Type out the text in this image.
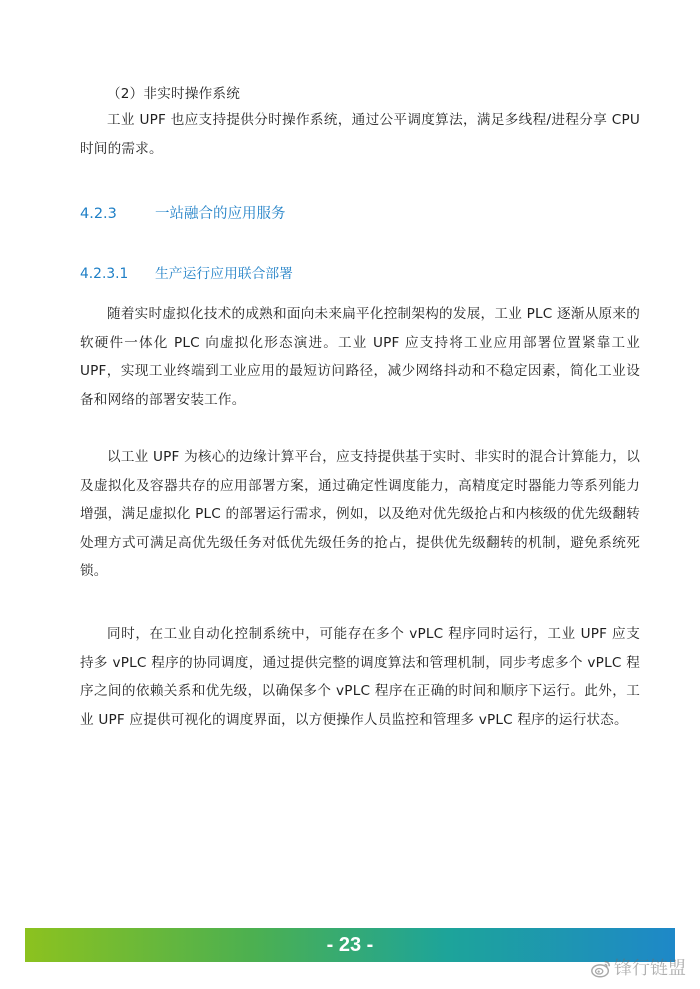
（2）非实时操作系统
工业 UPF 也应支持提供分时操作系统，通过公平调度算法，满足多线程/进程分享 CPU 时间的需求。
4.2.3	一站融合的应用服务
4.2.3.1 生产运行应用联合部署
随着实时虚拟化技术的成熟和面向未来扁平化控制架构的发展，工业 PLC 逐渐从原来的软硬件一体化 PLC 向虚拟化形态演进。工业 UPF 应支持将工业应用部署位置紧靠工业 UPF，实现工业终端到工业应用的最短访问路径，减少网络抖动和不稳定因素，简化工业设备和网络的部署安装工作。
以工业 UPF 为核心的边缘计算平台，应支持提供基于实时、非实时的混合计算能力，以及虚拟化及容器共存的应用部署方案，通过确定性调度能力，高精度定时器能力等系列能力增强，满足虚拟化 PLC 的部署运行需求，例如，以及绝对优先级抢占和内核级的优先级翻转处理方式可满足高优先级任务对低优先级任务的抢占，提供优先级翻转的机制，避免系统死锁。
同时，在工业自动化控制系统中，可能存在多个 vPLC 程序同时运行，工业 UPF 应支持多 vPLC 程序的协同调度，通过提供完整的调度算法和管理机制，同步考虑多个 vPLC 程序之间的依赖关系和优先级，以确保多个 vPLC 程序在正确的时间和顺序下运行。此外，工业 UPF 应提供可视化的调度界面，以方便操作人员监控和管理多 vPLC 程序的运行状态。
- 23 -
锋行链盟
